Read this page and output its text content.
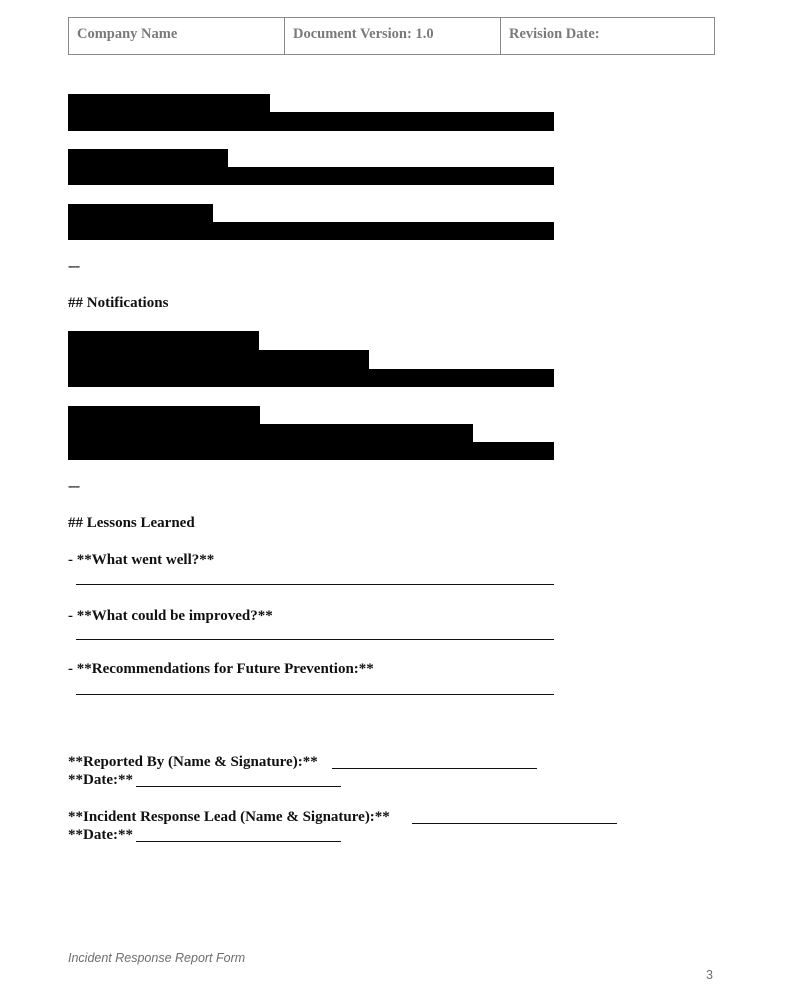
Company Name	Document Version: 1.0	Revision Date:
---
## Notifications
---
## Lessons Learned
- **What went well?**
- **What could be improved?**
- **Recommendations for Future Prevention:**
**Reported By (Name & Signature):**
**Date:**
**Incident Response Lead (Name & Signature):**
**Date:**
Incident Response Report Form
3
